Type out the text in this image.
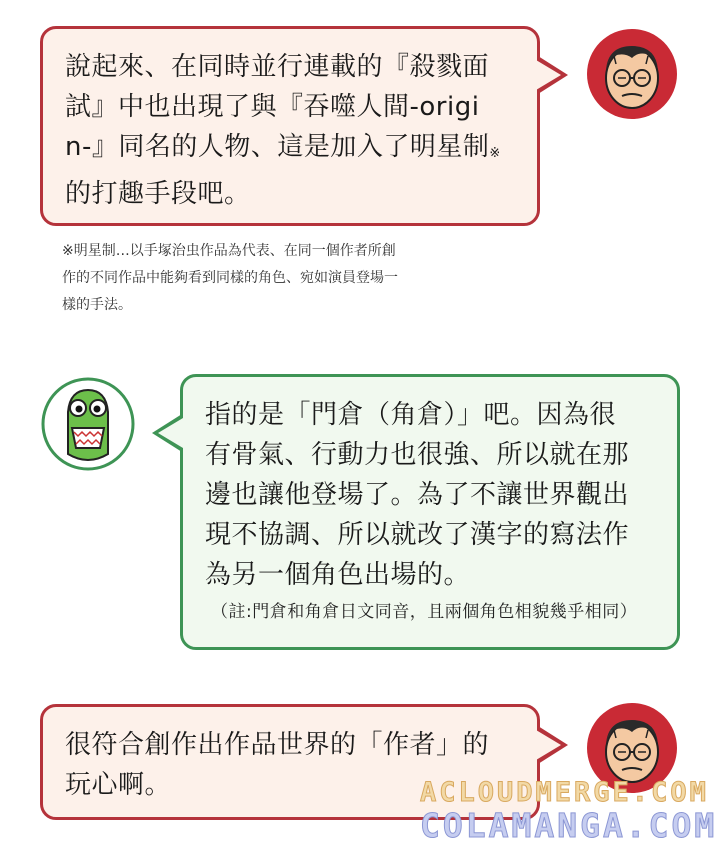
說起來、在同時並行連載的『殺戮面

試』中也出現了與『吞噬人間-origi

n-』同名的人物、這是加入了明星制※

的打趣手段吧。

※明星制…以手塚治虫作品為代表、在同一個作者所創
作的不同作品中能夠看到同樣的角色、宛如演員登場一
樣的手法。

指的是「門倉（角倉）」吧。因為很

有骨氣、行動力也很強、所以就在那

邊也讓他登場了。為了不讓世界觀出

現不協調、所以就改了漢字的寫法作

為另一個角色出場的。

（註:門倉和角倉日文同音，且兩個角色相貌幾乎相同）

很符合創作出作品世界的「作者」的

玩心啊。	ACLOUDMERGE.COM
COLAMANGA.COM
